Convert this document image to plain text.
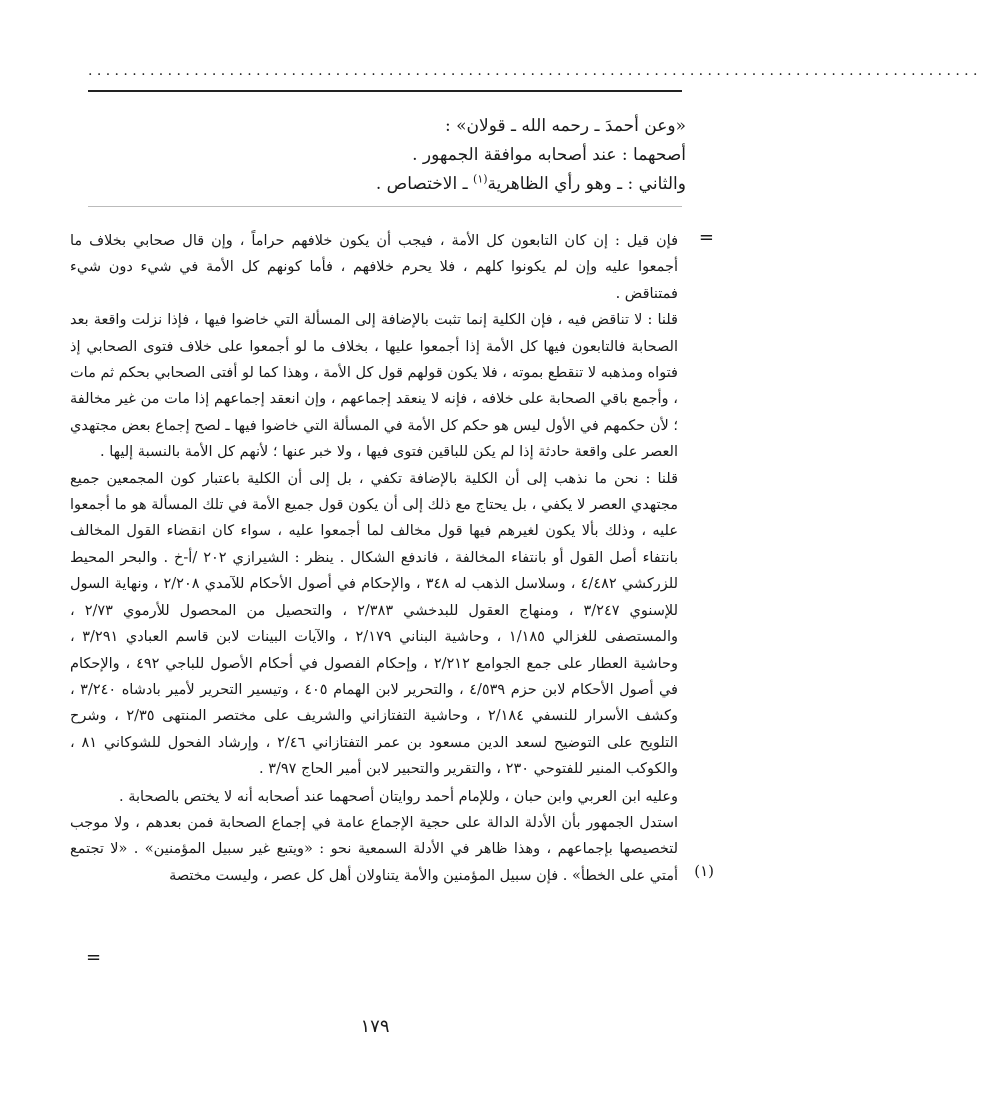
.....................................................................................................

«وعن أحمدَ ـ رحمه الله ـ قولان» :

أصحهما : عند أصحابه موافقة الجمهور .

والثاني : ـ وهو رأي الظاهرية$^{(١)}$ ـ الاختصاص .

=
(١)
=

فإن قيل : إن كان التابعون كل الأمة ، فيجب أن يكون خلافهم حراماً ، وإن قال صحابي بخلاف ما أجمعوا عليه وإن لم يكونوا كلهم ، فلا يحرم خلافهم ، فأما كونهم كل الأمة في شيء دون شيء فمتناقض .

قلنا : لا تناقض فيه ، فإن الكلية إنما تثبت بالإضافة إلى المسألة التي خاضوا فيها ، فإذا نزلت واقعة بعد الصحابة فالتابعون فيها كل الأمة إذا أجمعوا عليها ، بخلاف ما لو أجمعوا على خلاف فتوى الصحابي إذ فتواه ومذهبه لا تنقطع بموته ، فلا يكون قولهم قول كل الأمة ، وهذا كما لو أفتى الصحابي بحكم ثم مات ، وأجمع باقي الصحابة على خلافه ، فإنه لا ينعقد إجماعهم ، وإن انعقد إجماعهم إذا مات من غير مخالفة ؛ لأن حكمهم في الأول ليس هو حكم كل الأمة في المسألة التي خاضوا فيها ـ لصح إجماع بعض مجتهدي العصر على واقعة حادثة إذا لم يكن للباقين فتوى فيها ، ولا خبر عنها ؛ لأنهم كل الأمة بالنسبة إليها .

قلنا : نحن ما نذهب إلى أن الكلية بالإضافة تكفي ، بل إلى أن الكلية باعتبار كون المجمعين جميع مجتهدي العصر لا يكفي ، بل يحتاج مع ذلك إلى أن يكون قول جميع الأمة في تلك المسألة هو ما أجمعوا عليه ، وذلك بألا يكون لغيرهم فيها قول مخالف لما أجمعوا عليه ، سواء كان انقضاء القول المخالف بانتفاء أصل القول أو بانتفاء المخالفة ، فاندفع الشكال . ينظر : الشيرازي ٢٠٢ /أ-خ . والبحر المحيط للزركشي ٤/٤٨٢ ، وسلاسل الذهب له ٣٤٨ ، والإحكام في أصول الأحكام للآمدي ٢/٢٠٨ ، ونهاية السول للإسنوي ٣/٢٤٧ ، ومنهاج العقول للبدخشي ٢/٣٨٣ ، والتحصيل من المحصول للأرموي ٢/٧٣ ، والمستصفى للغزالي ١/١٨٥ ، وحاشية البناني ٢/١٧٩ ، والآيات البينات لابن قاسم العبادي ٣/٢٩١ ، وحاشية العطار على جمع الجوامع ٢/٢١٢ ، وإحكام الفصول في أحكام الأصول للباجي ٤٩٢ ، والإحكام في أصول الأحكام لابن حزم ٤/٥٣٩ ، والتحرير لابن الهمام ٤٠٥ ، وتيسير التحرير لأمير بادشاه ٣/٢٤٠ ، وكشف الأسرار للنسفي ٢/١٨٤ ، وحاشية التفتازاني والشريف على مختصر المنتهى ٢/٣٥ ، وشرح التلويح على التوضيح لسعد الدين مسعود بن عمر التفتازاني ٢/٤٦ ، وإرشاد الفحول للشوكاني ٨١ ، والكوكب المنير للفتوحي ٢٣٠ ، والتقرير والتحبير لابن أمير الحاج ٣/٩٧ .

وعليه ابن العربي وابن حبان ، وللإمام أحمد روايتان أصحهما عند أصحابه أنه لا يختص بالصحابة .

استدل الجمهور بأن الأدلة الدالة على حجية الإجماع عامة في إجماع الصحابة فمن بعدهم ، ولا موجب لتخصيصها بإجماعهم ، وهذا ظاهر في الأدلة السمعية نحو : «ويتبع غير سبيل المؤمنين» . «لا تجتمع أمتي على الخطأ» . فإن سبيل المؤمنين والأمة يتناولان أهل كل عصر ، وليست مختصة

١٧٩
